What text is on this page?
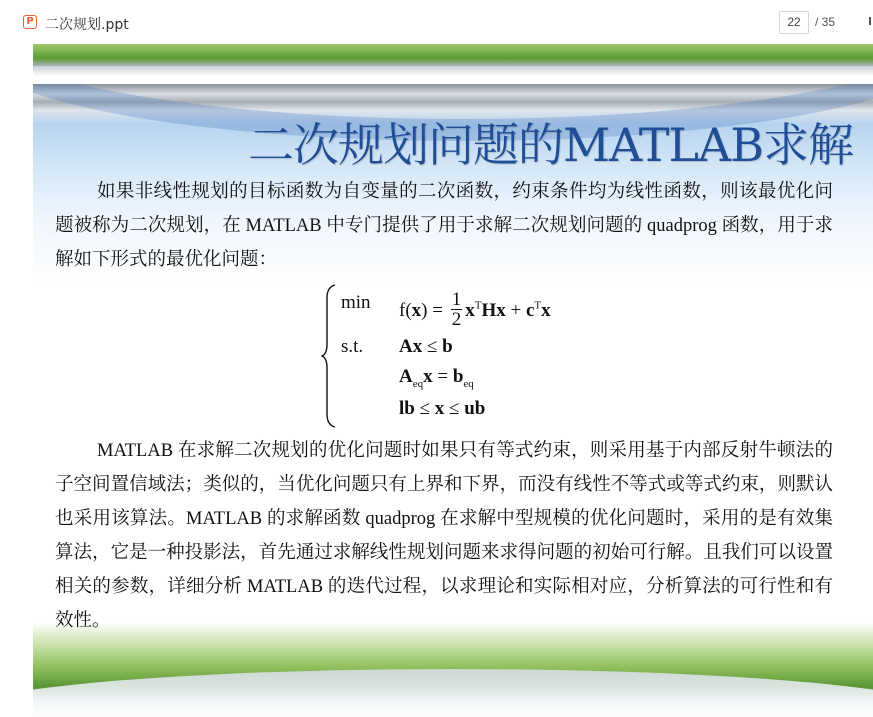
P 二次规划.ppt	22	/ 35
二次规划问题的MATLAB求解
如果非线性规划的目标函数为自变量的二次函数，约束条件均为线性函数，则该最优化问题被称为二次规划，在 MATLAB 中专门提供了用于求解二次规划问题的 quadprog 函数，用于求解如下形式的最优化问题：
$\min f(x) = \frac{1}{2} x^THx + c^Tx$
s.t. Ax ≤ b
$A_{eq}x = b_{eq}$
lb ≤ x ≤ ub
MATLAB 在求解二次规划的优化问题时如果只有等式约束，则采用基于内部反射牛顿法的子空间置信域法；类似的，当优化问题只有上界和下界，而没有线性不等式或等式约束，则默认也采用该算法。MATLAB 的求解函数 quadprog 在求解中型规模的优化问题时，采用的是有效集算法，它是一种投影法，首先通过求解线性规划问题来求得问题的初始可行解。且我们可以设置相关的参数，详细分析 MATLAB 的迭代过程，以求理论和实际相对应，分析算法的可行性和有效性。
